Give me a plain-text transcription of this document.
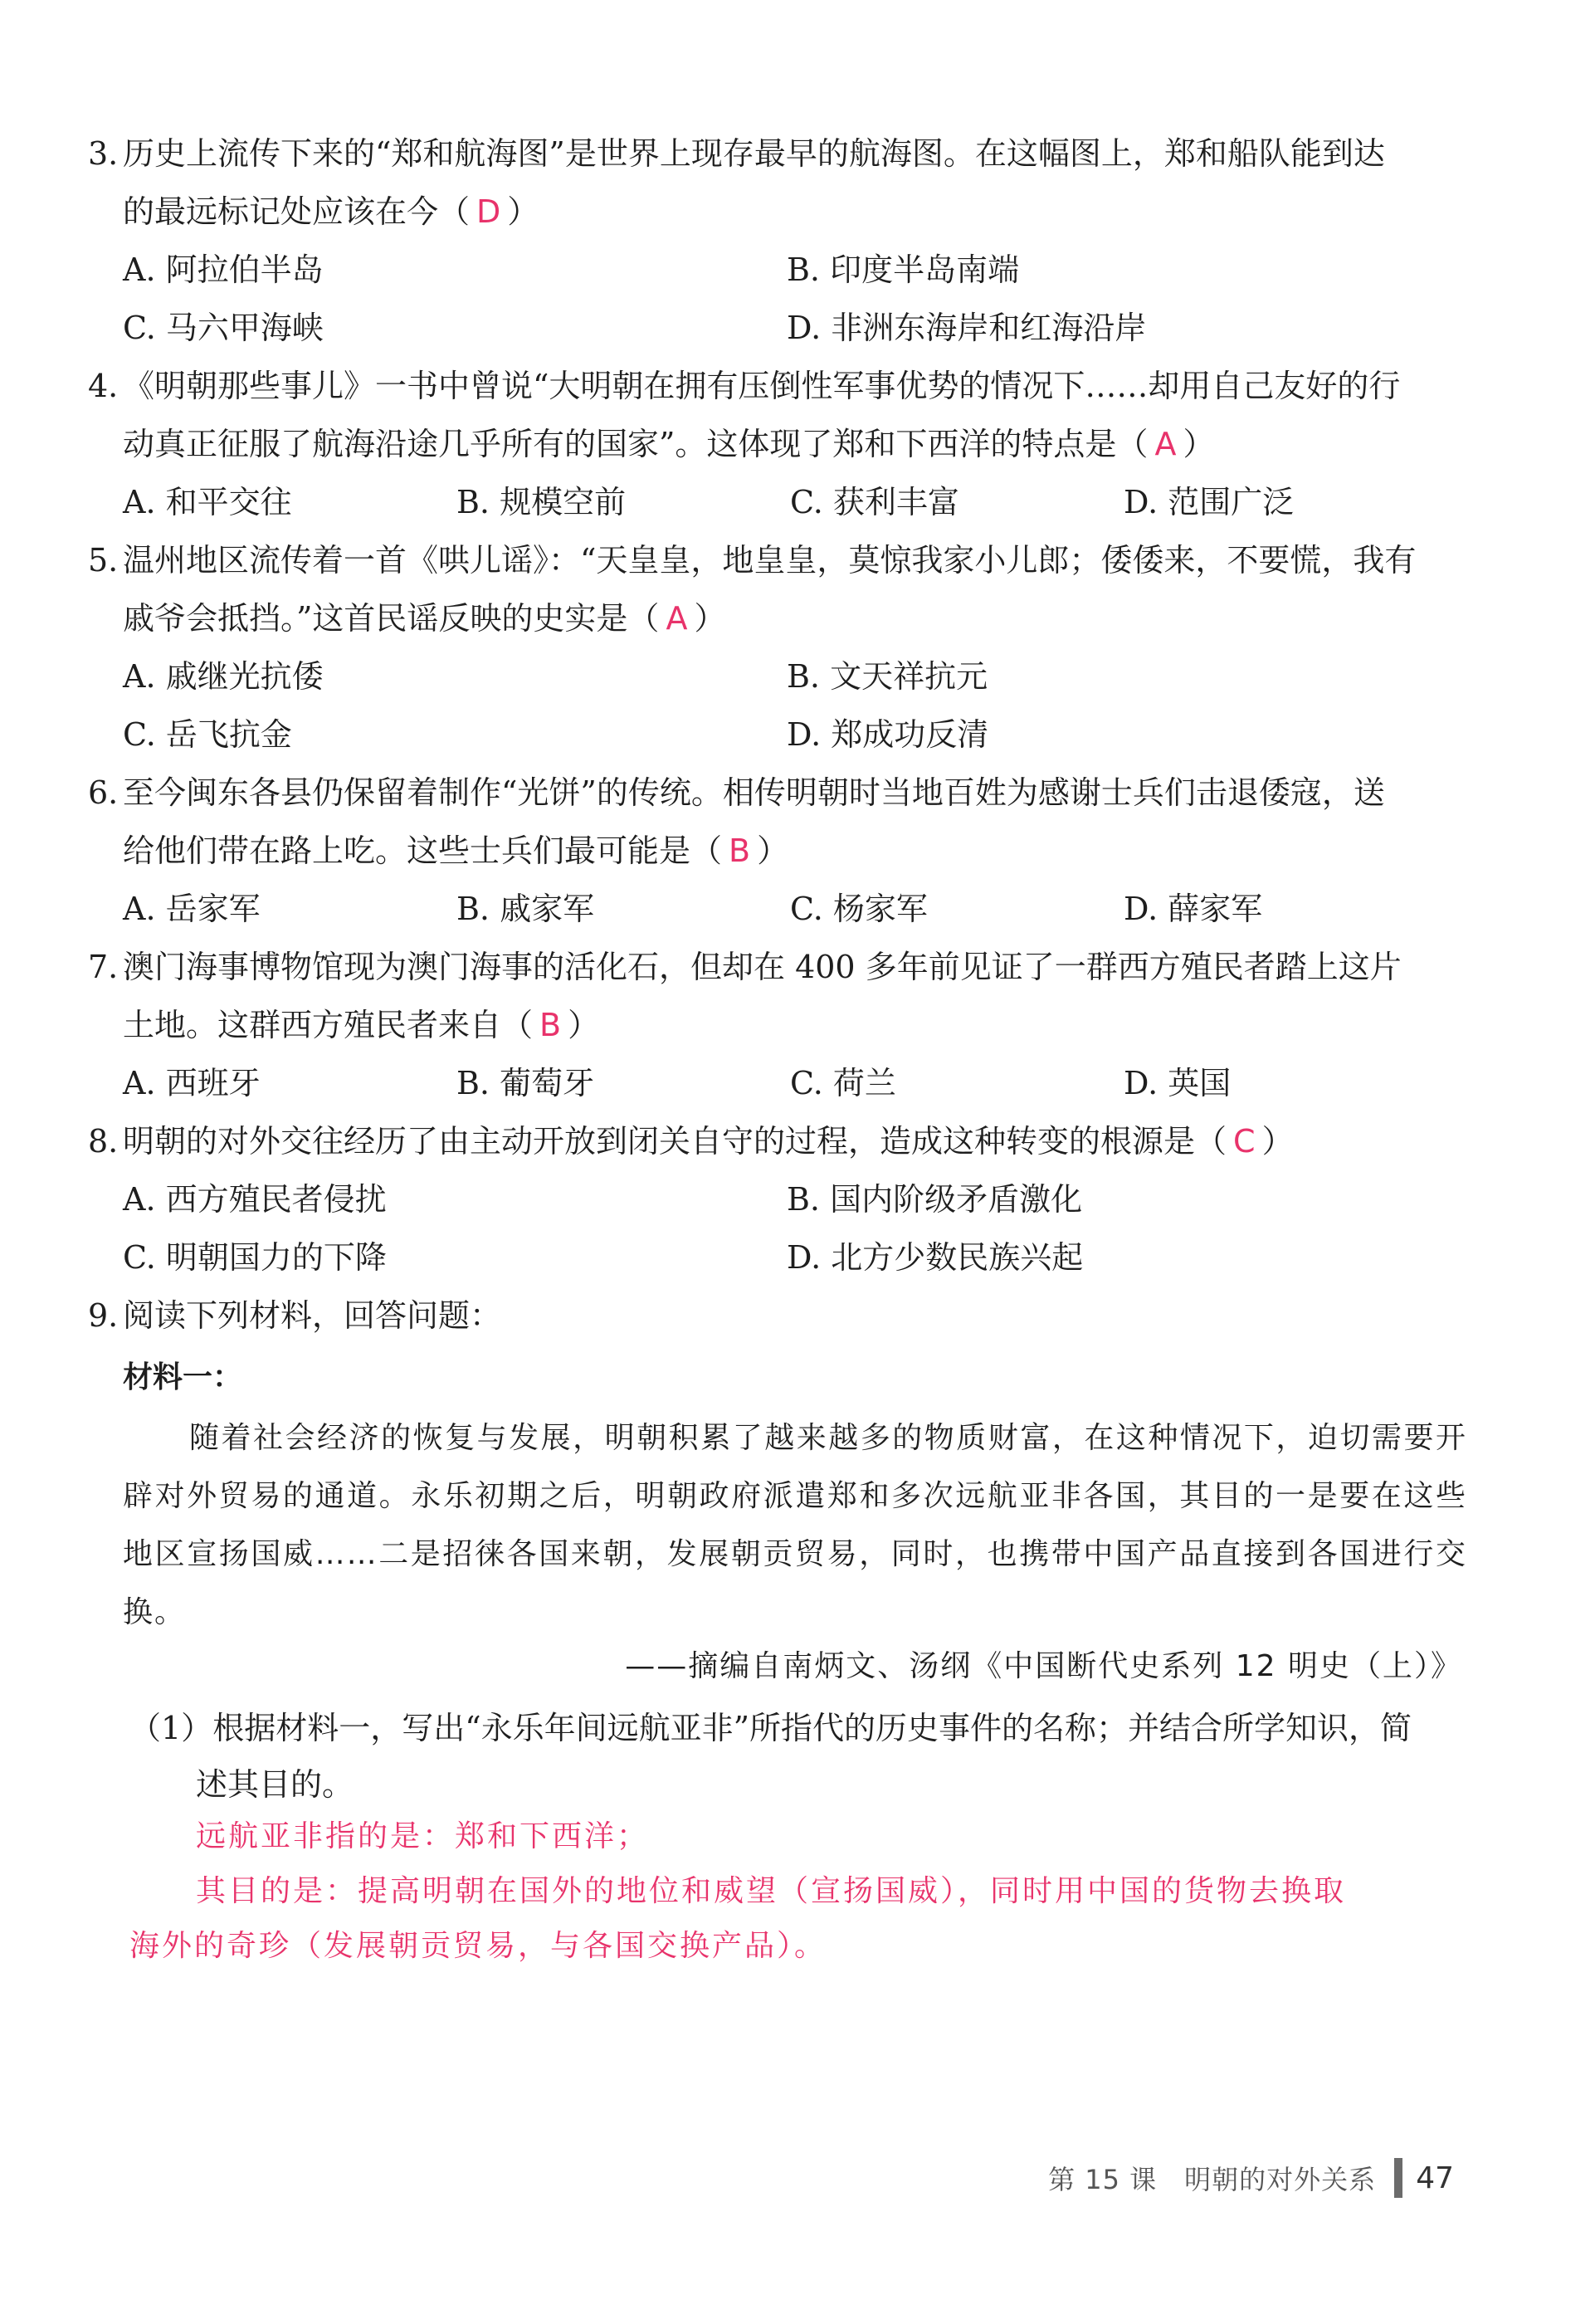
3. 历史上流传下来的“郑和航海图”是世界上现存最早的航海图。在这幅图上，郑和船队能到达

的最远标记处应该在今（ D ）

A. 阿拉伯半岛	B. 印度半岛南端
C. 马六甲海峡	D. 非洲东海岸和红海沿岸

4. 《明朝那些事儿》一书中曾说“大明朝在拥有压倒性军事优势的情况下……却用自己友好的行

动真正征服了航海沿途几乎所有的国家”。这体现了郑和下西洋的特点是（ A ）

A. 和平交往	B. 规模空前	C. 获利丰富	D. 范围广泛

5. 温州地区流传着一首《哄儿谣》：“天皇皇，地皇皇，莫惊我家小儿郎；倭倭来，不要慌，我有

戚爷会抵挡。”这首民谣反映的史实是（ A ）

A. 戚继光抗倭	B. 文天祥抗元
C. 岳飞抗金	D. 郑成功反清

6. 至今闽东各县仍保留着制作“光饼”的传统。相传明朝时当地百姓为感谢士兵们击退倭寇，送

给他们带在路上吃。这些士兵们最可能是（ B ）

A. 岳家军	B. 戚家军	C. 杨家军	D. 薛家军

7. 澳门海事博物馆现为澳门海事的活化石，但却在 400 多年前见证了一群西方殖民者踏上这片

土地。这群西方殖民者来自（ B ）

A. 西班牙	B. 葡萄牙	C. 荷兰	D. 英国

8. 明朝的对外交往经历了由主动开放到闭关自守的过程，造成这种转变的根源是（ C ）

A. 西方殖民者侵扰	B. 国内阶级矛盾激化
C. 明朝国力的下降	D. 北方少数民族兴起

9. 阅读下列材料，回答问题：

材料一：
随着社会经济的恢复与发展，明朝积累了越来越多的物质财富，在这种情况下，迫切需要开辟对外贸易的通道。永乐初期之后，明朝政府派遣郑和多次远航亚非各国，其目的一是要在这些地区宣扬国威……二是招徕各国来朝，发展朝贡贸易，同时，也携带中国产品直接到各国进行交换。
——摘编自南炳文、汤纲《中国断代史系列 12 明史（上）》
（1）根据材料一，写出“永乐年间远航亚非”所指代的历史事件的名称；并结合所学知识，简
述其目的。
远航亚非指的是：郑和下西洋；
其目的是：提高明朝在国外的地位和威望（宣扬国威），同时用中国的货物去换取
海外的奇珍（发展朝贡贸易，与各国交换产品）。
第 15 课　明朝的对外关系 47
